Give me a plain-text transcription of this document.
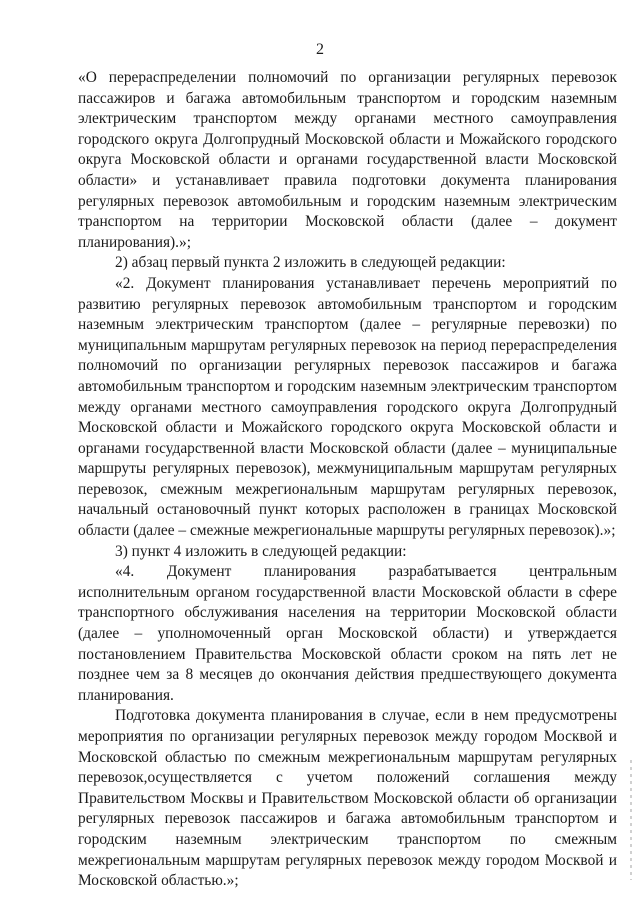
2

«О перераспределении полномочий по организации регулярных перевозок пассажиров и багажа автомобильным транспортом и городским наземным электрическим транспортом между органами местного самоуправления городского округа Долгопрудный Московской области и Можайского городского округа Московской области и органами государственной власти Московской области» и устанавливает правила подготовки документа планирования регулярных перевозок автомобильным и городским наземным электрическим транспортом на территории Московской области (далее – документ планирования).»;

2) абзац первый пункта 2 изложить в следующей редакции:

«2. Документ планирования устанавливает перечень мероприятий по развитию регулярных перевозок автомобильным транспортом и городским наземным электрическим транспортом (далее – регулярные перевозки) по муниципальным маршрутам регулярных перевозок на период перераспределения полномочий по организации регулярных перевозок пассажиров и багажа автомобильным транспортом и городским наземным электрическим транспортом между органами местного самоуправления городского округа Долгопрудный Московской области и Можайского городского округа Московской области и органами государственной власти Московской области (далее – муниципальные маршруты регулярных перевозок), межмуниципальным маршрутам регулярных перевозок, смежным межрегиональным маршрутам регулярных перевозок, начальный остановочный пункт которых расположен в границах Московской области (далее – смежные межрегиональные маршруты регулярных перевозок).»;

3) пункт 4 изложить в следующей редакции:

«4. Документ планирования разрабатывается центральным исполнительным органом государственной власти Московской области в сфере транспортного обслуживания населения на территории Московской области (далее – уполномоченный орган Московской области) и утверждается постановлением Правительства Московской области сроком на пять лет не позднее чем за 8 месяцев до окончания действия предшествующего документа планирования.

Подготовка документа планирования в случае, если в нем предусмотрены мероприятия по организации регулярных перевозок между городом Москвой и Московской областью по смежным межрегиональным маршрутам регулярных перевозок,осуществляется с учетом положений соглашения между Правительством Москвы и Правительством Московской области об организации регулярных перевозок пассажиров и багажа автомобильным транспортом и городским наземным электрическим транспортом по смежным межрегиональным маршрутам регулярных перевозок между городом Москвой и Московской областью.»;
